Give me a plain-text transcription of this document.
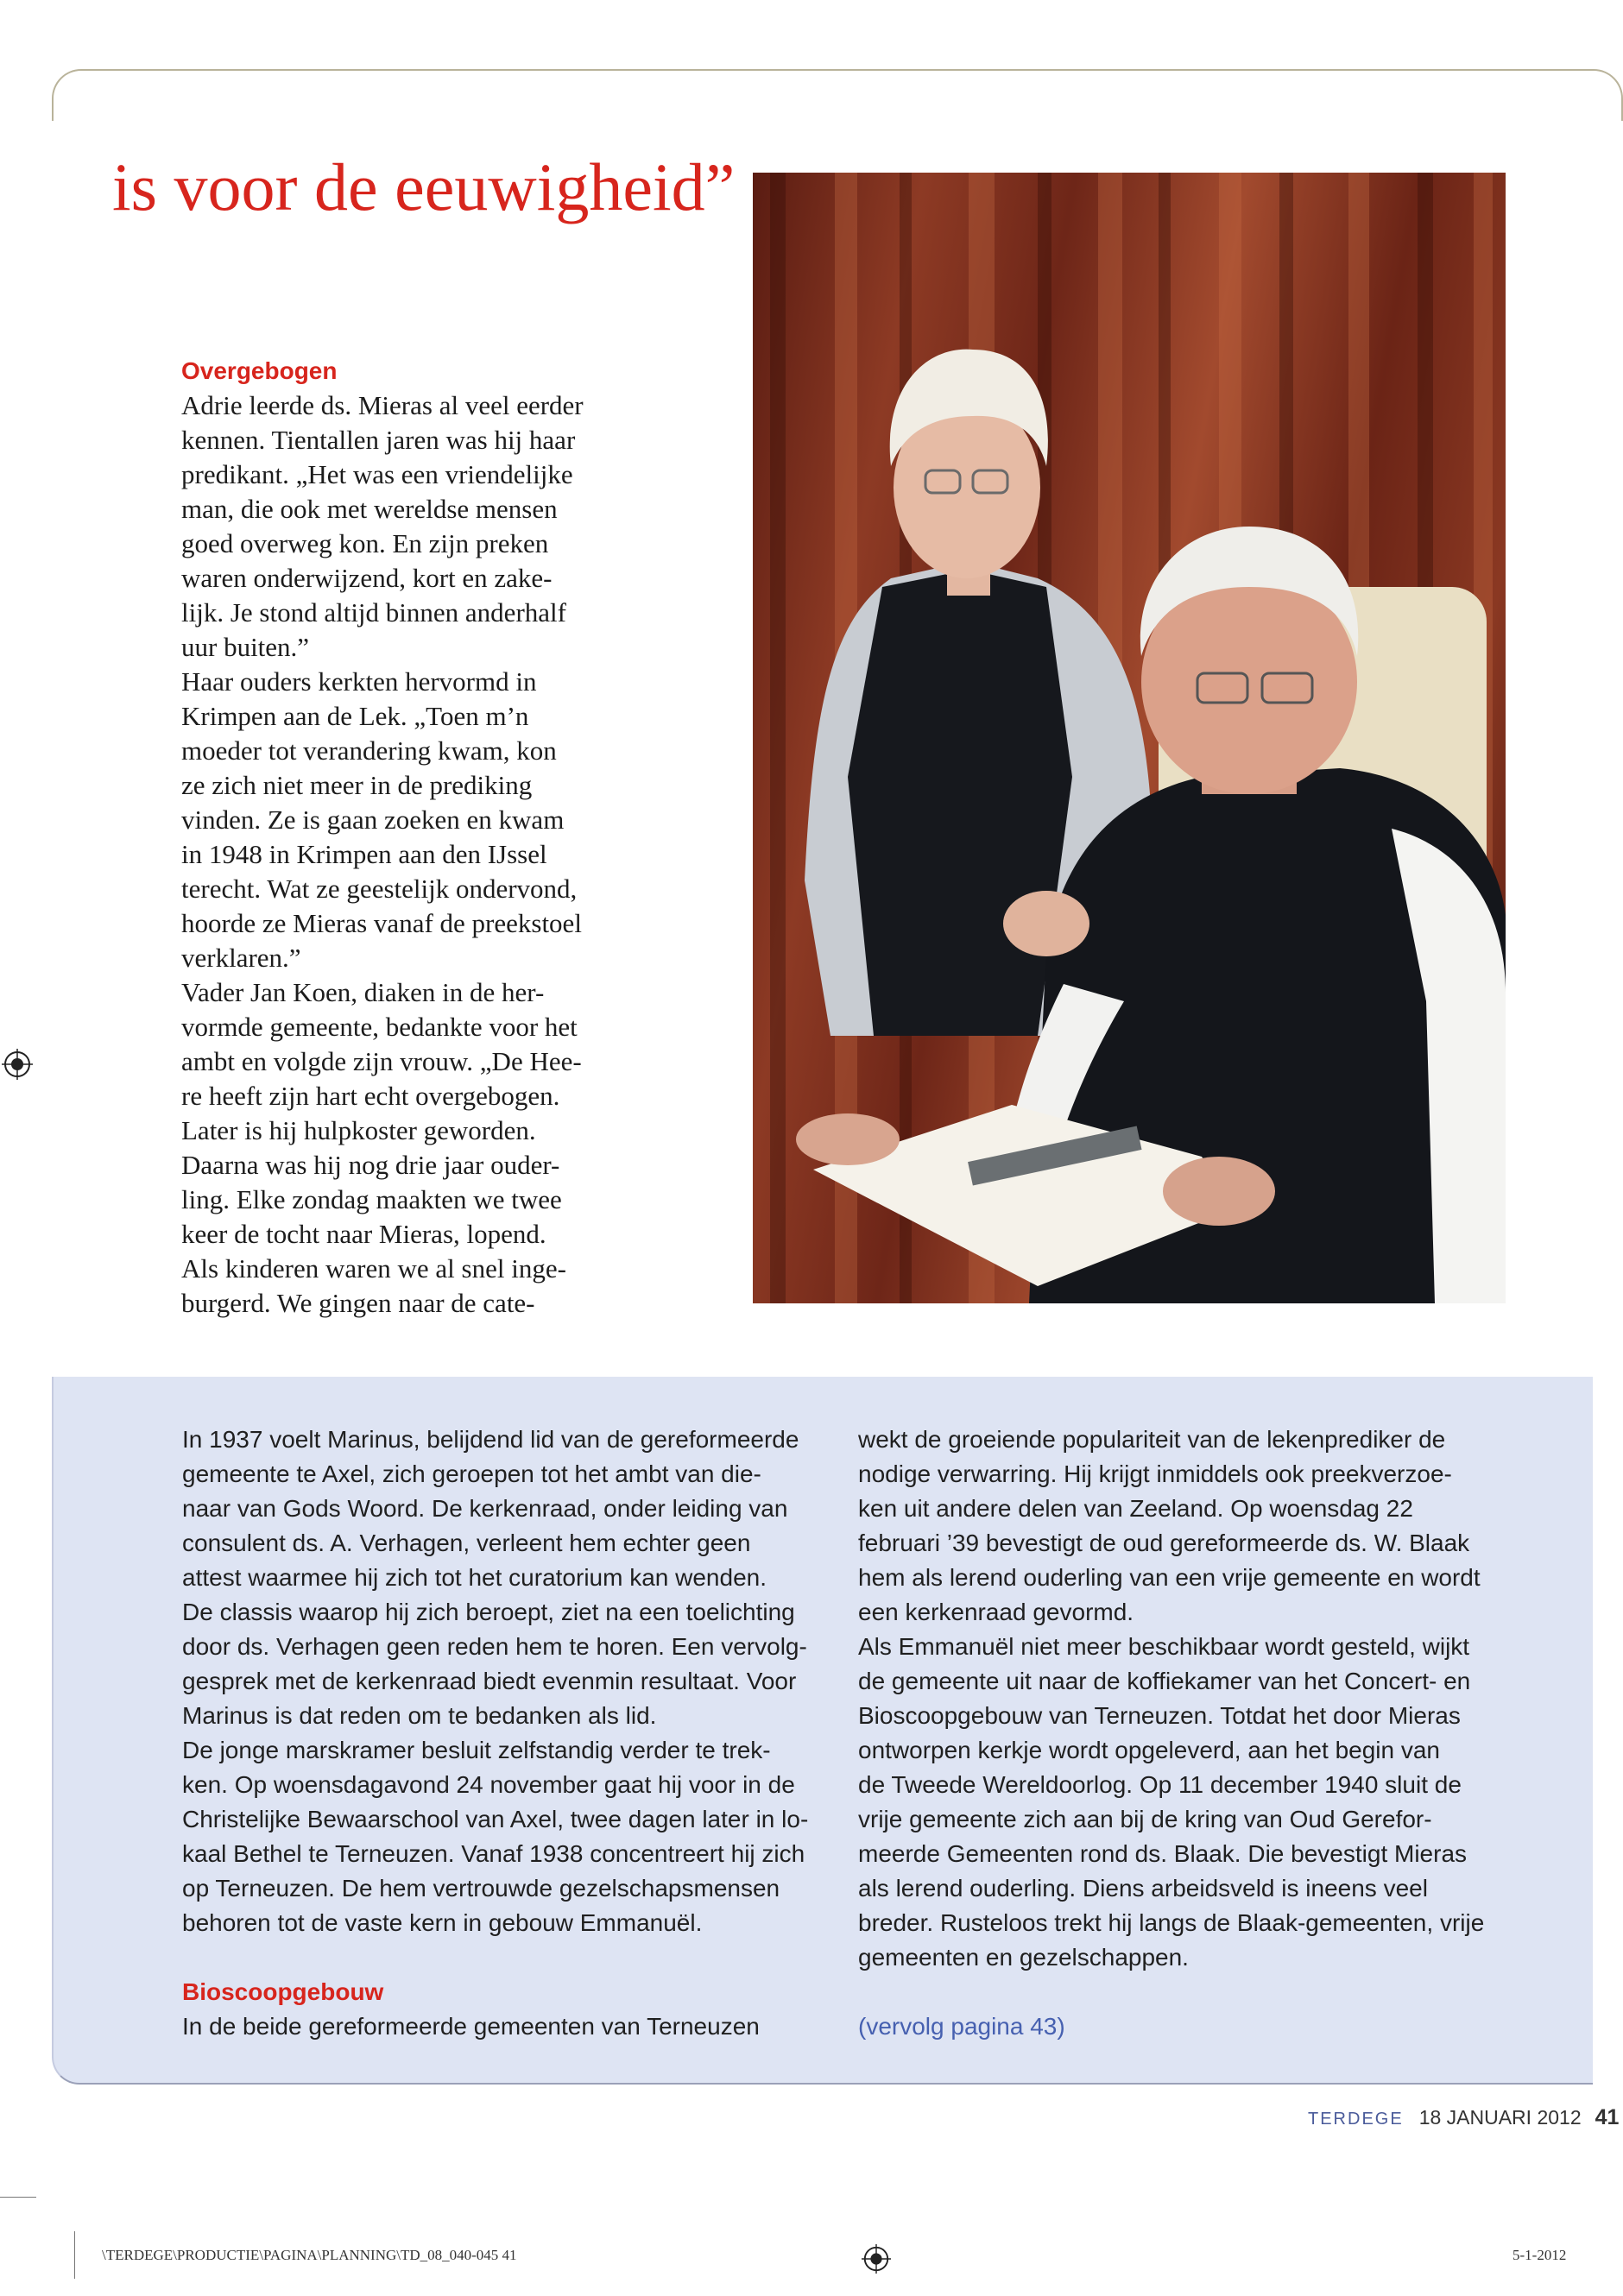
is voor de eeuwigheid”
Overgebogen

Adrie leerde ds. Mieras al veel eerder
kennen. Tientallen jaren was hij haar
predikant. „Het was een vriendelijke
man, die ook met wereldse mensen
goed overweg kon. En zijn preken
waren onderwijzend, kort en zake-
lijk. Je stond altijd binnen anderhalf
uur buiten.”

Haar ouders kerkten hervormd in
Krimpen aan de Lek. „Toen m’n
moeder tot verandering kwam, kon
ze zich niet meer in de prediking
vinden. Ze is gaan zoeken en kwam
in 1948 in Krimpen aan den IJssel
terecht. Wat ze geestelijk ondervond,
hoorde ze Mieras vanaf de preekstoel
verklaren.”

Vader Jan Koen, diaken in de her-
vormde gemeente, bedankte voor het
ambt en volgde zijn vrouw. „De Hee-
re heeft zijn hart echt overgebogen.
Later is hij hulpkoster geworden.
Daarna was hij nog drie jaar ouder-
ling. Elke zondag maakten we twee
keer de tocht naar Mieras, lopend.
Als kinderen waren we al snel inge-
burgerd. We gingen naar de cate-

In 1937 voelt Marinus, belijdend lid van de gereformeerde
gemeente te Axel, zich geroepen tot het ambt van die-
naar van Gods Woord. De kerkenraad, onder leiding van
consulent ds. A. Verhagen, verleent hem echter geen
attest waarmee hij zich tot het curatorium kan wenden.
De classis waarop hij zich beroept, ziet na een toelichting
door ds. Verhagen geen reden hem te horen. Een vervolg-
gesprek met de kerkenraad biedt evenmin resultaat. Voor
Marinus is dat reden om te bedanken als lid.
De jonge marskramer besluit zelfstandig verder te trek-
ken. Op woensdagavond 24 november gaat hij voor in de
Christelijke Bewaarschool van Axel, twee dagen later in lo-
kaal Bethel te Terneuzen. Vanaf 1938 concentreert hij zich
op Terneuzen. De hem vertrouwde gezelschapsmensen
behoren tot de vaste kern in gebouw Emmanuël.
Bioscoopgebouw
In de beide gereformeerde gemeenten van Terneuzen
wekt de groeiende populariteit van de lekenprediker de
nodige verwarring. Hij krijgt inmiddels ook preekverzoe-
ken uit andere delen van Zeeland. Op woensdag 22
februari ’39 bevestigt de oud gereformeerde ds. W. Blaak
hem als lerend ouderling van een vrije gemeente en wordt
een kerkenraad gevormd.
Als Emmanuël niet meer beschikbaar wordt gesteld, wijkt
de gemeente uit naar de koffiekamer van het Concert- en
Bioscoopgebouw van Terneuzen. Totdat het door Mieras
ontworpen kerkje wordt opgeleverd, aan het begin van
de Tweede Wereldoorlog. Op 11 december 1940 sluit de
vrije gemeente zich aan bij de kring van Oud Gerefor-
meerde Gemeenten rond ds. Blaak. Die bevestigt Mieras
als lerend ouderling. Diens arbeidsveld is ineens veel
breder. Rusteloos trekt hij langs de Blaak-gemeenten, vrije
gemeenten en gezelschappen.
(vervolg pagina 43)
TERDEGE 18 JANUARI 2012 41
\TERDEGE\PRODUCTIE\PAGINA\PLANNING\TD_08_040-045 41	5-1-2012
